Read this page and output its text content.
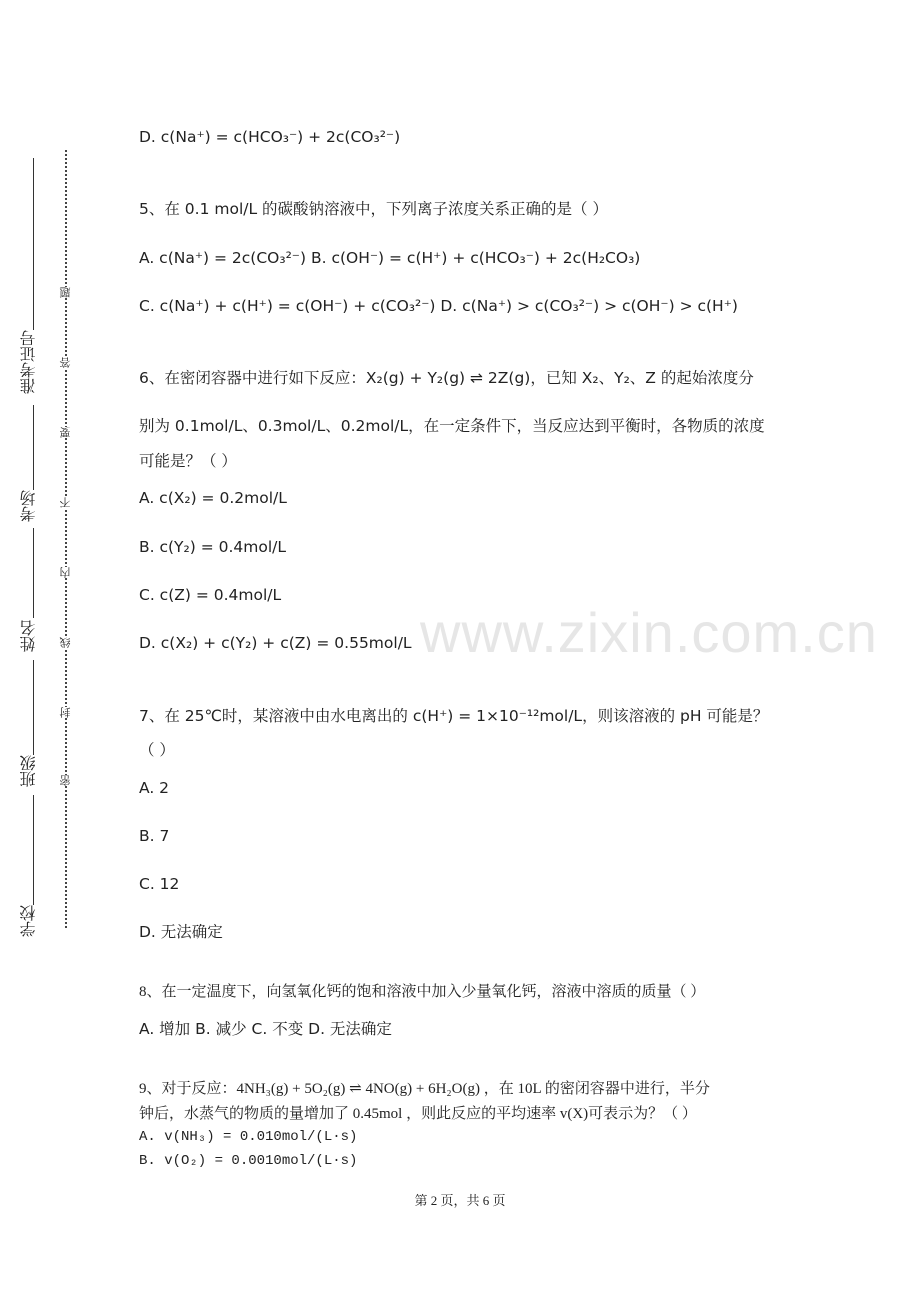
准考证号
考场
姓名
班级
学校
题
答
要
不
内
线
封
密
www.zixin.com.cn
D. c(Na⁺) = c(HCO₃⁻) + 2c(CO₃²⁻)
5、在 0.1 mol/L 的碳酸钠溶液中，下列离子浓度关系正确的是（ ）
A. c(Na⁺) = 2c(CO₃²⁻) B. c(OH⁻) = c(H⁺) + c(HCO₃⁻) + 2c(H₂CO₃)
C. c(Na⁺) + c(H⁺) = c(OH⁻) + c(CO₃²⁻) D. c(Na⁺) > c(CO₃²⁻) > c(OH⁻) > c(H⁺)
6、在密闭容器中进行如下反应：X₂(g) + Y₂(g) ⇌ 2Z(g)，已知 X₂、Y₂、Z 的起始浓度分
别为 0.1mol/L、0.3mol/L、0.2mol/L，在一定条件下，当反应达到平衡时，各物质的浓度
可能是？（ ）
A. c(X₂) = 0.2mol/L
B. c(Y₂) = 0.4mol/L
C. c(Z) = 0.4mol/L
D. c(X₂) + c(Y₂) + c(Z) = 0.55mol/L
7、在 25℃时，某溶液中由水电离出的 c(H⁺) = 1×10⁻¹²mol/L，则该溶液的 pH 可能是？
（ ）
A. 2
B. 7
C. 12
D. 无法确定
8、在一定温度下，向氢氧化钙的饱和溶液中加入少量氧化钙，溶液中溶质的质量（ ）
A. 增加 B. 减少 C. 不变 D. 无法确定
9、对于反应：4NH₃(g) + 5O₂(g) ⇌ 4NO(g) + 6H₂O(g) ，在 10L 的密闭容器中进行，半分
钟后，水蒸气的物质的量增加了 0.45mol ，则此反应的平均速率 v(X)可表示为？（ ）
A. v(NH₃) = 0.010mol/(L·s)
B. v(O₂) = 0.0010mol/(L·s)
第 2 页，共 6 页
